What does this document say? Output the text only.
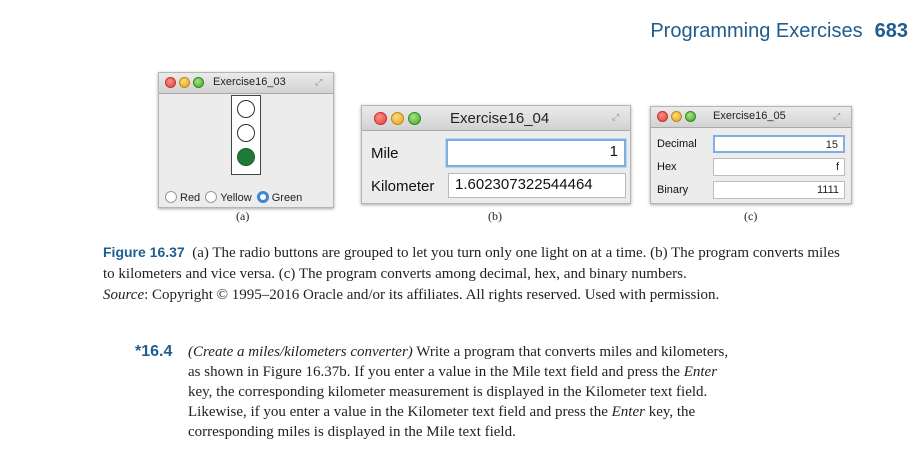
Programming Exercises 683
Exercise16_03	⤢
Red Yellow Green
(a)
Exercise16_04	⤢
Mile	1
Kilometer	1.602307322544464
(b)
Exercise16_05	⤢
Decimal	15
Hex	f
Binary	1111
(c)
Figure 16.37 (a) The radio buttons are grouped to let you turn only one light on at a time. (b) The program converts miles to kilometers and vice versa. (c) The program converts among decimal, hex, and binary numbers.
Source: Copyright © 1995–2016 Oracle and/or its affiliates. All rights reserved. Used with permission.
*16.4 (Create a miles/kilometers converter) Write a program that converts miles and kilometers, as shown in Figure 16.37b. If you enter a value in the Mile text field and press the Enter key, the corresponding kilometer measurement is displayed in the Kilometer text field. Likewise, if you enter a value in the Kilometer text field and press the Enter key, the corresponding miles is displayed in the Mile text field.
